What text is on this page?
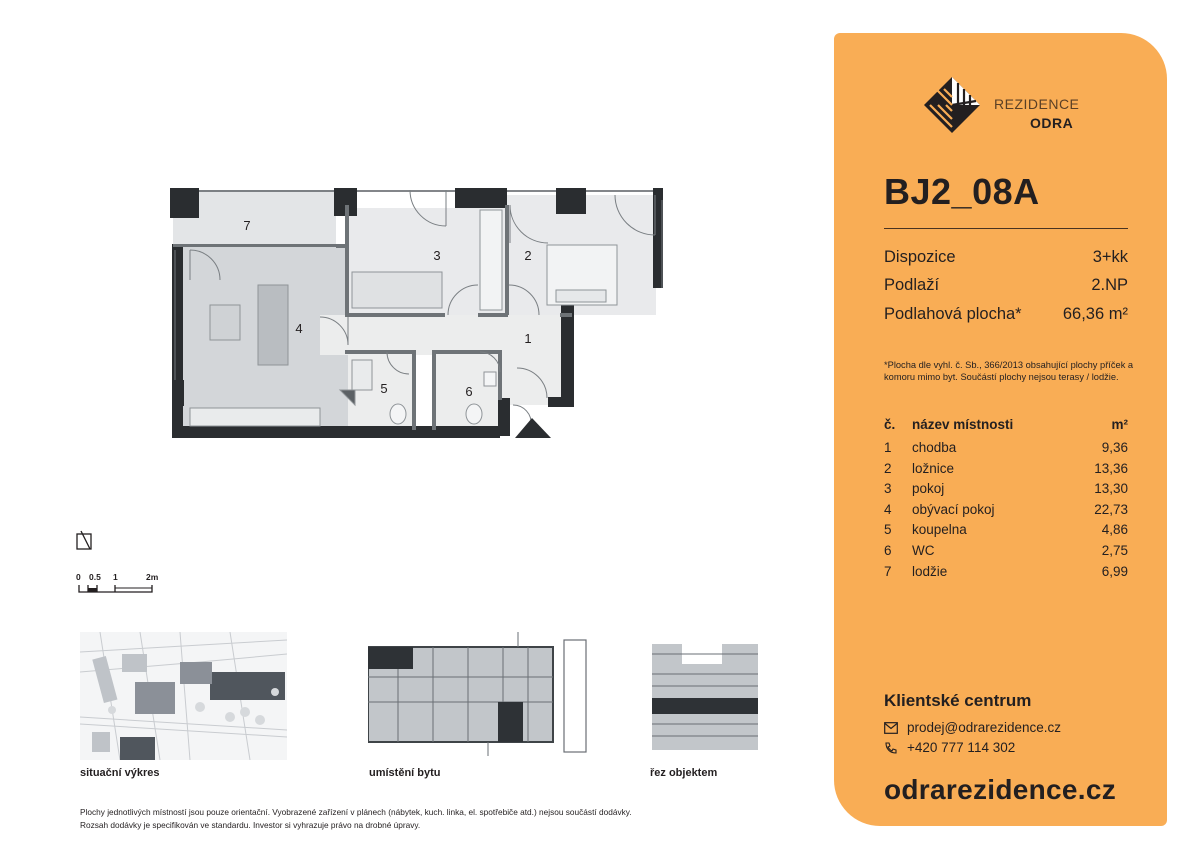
7
3	2
4
1
5	6
0 0.5 1	2m
situační výkres	umístění bytu	řez objektem
Plochy jednotlivých místností jsou pouze orientační. Vyobrazené zařízení v plánech (nábytek, kuch. linka, el. spotřebiče atd.) nejsou součástí dodávky.
Rozsah dodávky je specifikován ve standardu. Investor si vyhrazuje právo na drobné úpravy.
REZIDENCE
ODRA
BJ2_08A
Dispozice	3+kk
Podlaží	2.NP
Podlahová plocha*	66,36 m²
*Plocha dle vyhl. č. Sb., 366/2013 obsahující plochy příček a komoru mimo byt. Součástí plochy nejsou terasy / lodžie.
č. název místnosti	m²
1 chodba	9,36
2 ložnice	13,36
3 pokoj	13,30
4 obývací pokoj	22,73
5 koupelna	4,86
6 WC	2,75
7 lodžie	6,99
Klientské centrum
prodej@odrarezidence.cz
+420 777 114 302
odrarezidence.cz
